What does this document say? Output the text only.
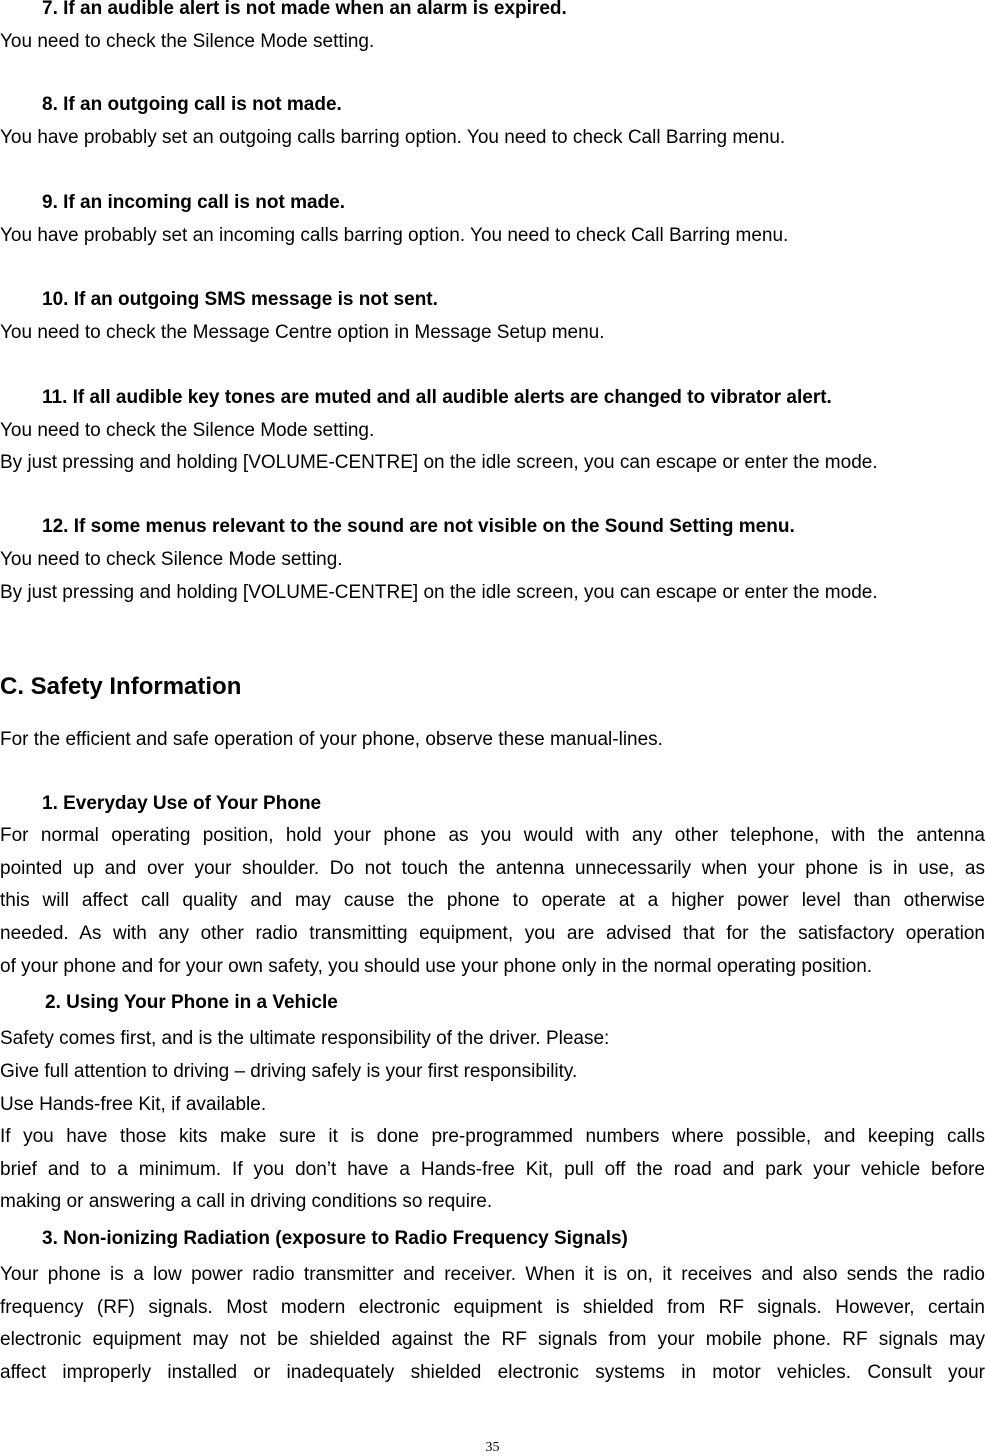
7. If an audible alert is not made when an alarm is expired.

You need to check the Silence Mode setting.

8. If an outgoing call is not made.

You have probably set an outgoing calls barring option. You need to check Call Barring menu.

9. If an incoming call is not made.

You have probably set an incoming calls barring option. You need to check Call Barring menu.

10. If an outgoing SMS message is not sent.

You need to check the Message Centre option in Message Setup menu.

11. If all audible key tones are muted and all audible alerts are changed to vibrator alert.

You need to check the Silence Mode setting.

By just pressing and holding [VOLUME-CENTRE] on the idle screen, you can escape or enter the mode.

12. If some menus relevant to the sound are not visible on the Sound Setting menu.

You need to check Silence Mode setting.

By just pressing and holding [VOLUME-CENTRE] on the idle screen, you can escape or enter the mode.

C. Safety Information

For the efficient and safe operation of your phone, observe these manual-lines.

1. Everyday Use of Your Phone

For normal operating position, hold your phone as you would with any other telephone, with the antenna

pointed up and over your shoulder. Do not touch the antenna unnecessarily when your phone is in use, as

this will affect call quality and may cause the phone to operate at a higher power level than otherwise

needed. As with any other radio transmitting equipment, you are advised that for the satisfactory operation

of your phone and for your own safety, you should use your phone only in the normal operating position.

2. Using Your Phone in a Vehicle

Safety comes first, and is the ultimate responsibility of the driver. Please:

Give full attention to driving – driving safely is your first responsibility.

Use Hands-free Kit, if available.

If you have those kits make sure it is done pre-programmed numbers where possible, and keeping calls

brief and to a minimum. If you don’t have a Hands-free Kit, pull off the road and park your vehicle before

making or answering a call in driving conditions so require.

3. Non-ionizing Radiation (exposure to Radio Frequency Signals)

Your phone is a low power radio transmitter and receiver. When it is on, it receives and also sends the radio

frequency (RF) signals. Most modern electronic equipment is shielded from RF signals. However, certain

electronic equipment may not be shielded against the RF signals from your mobile phone. RF signals may

affect improperly installed or inadequately shielded electronic systems in motor vehicles. Consult your

35
